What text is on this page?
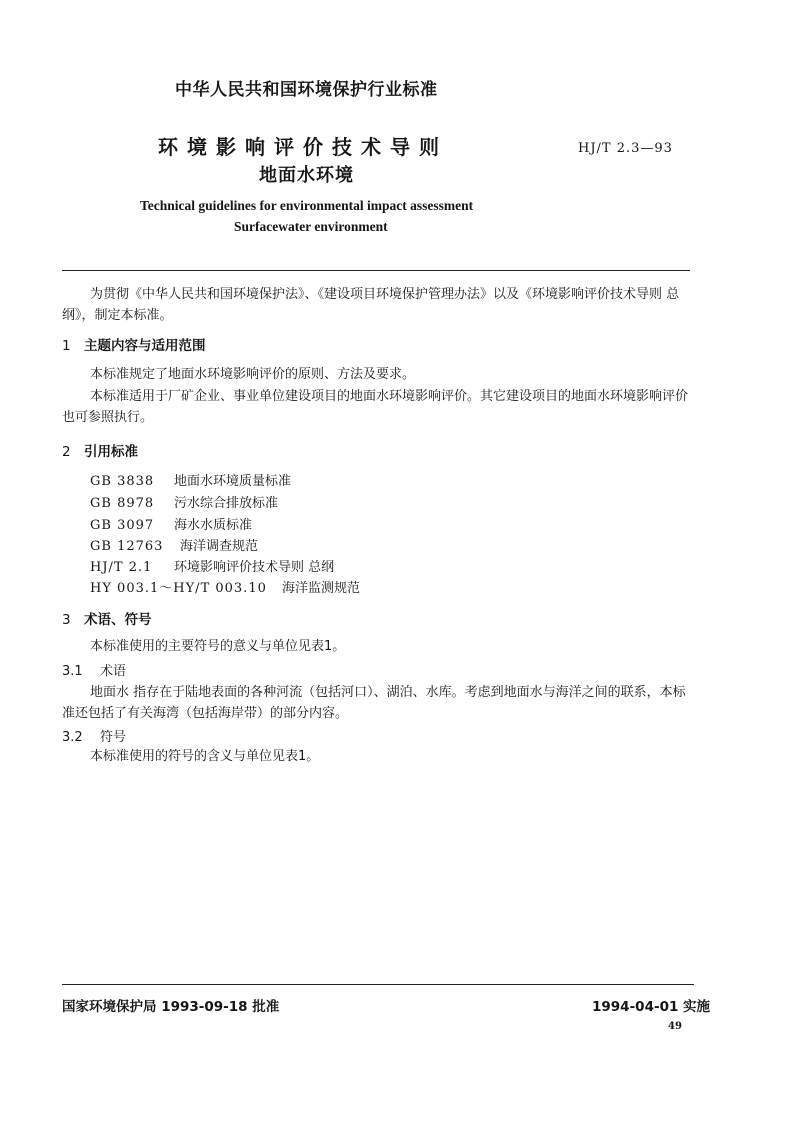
中华人民共和国环境保护行业标准
环境影响评价技术导则
地面水环境
HJ/T 2.3—93
Technical guidelines for environmental impact assessment
Surfacewater environment
为贯彻《中华人民共和国环境保护法》、《建设项目环境保护管理办法》以及《环境影响评价技术导则 总纲》，制定本标准。
1 主题内容与适用范围
本标准规定了地面水环境影响评价的原则、方法及要求。
本标准适用于厂矿企业、事业单位建设项目的地面水环境影响评价。其它建设项目的地面水环境影响评价也可参照执行。
2 引用标准
GB 3838 地面水环境质量标准
GB 8978 污水综合排放标准
GB 3097 海水水质标准
GB 12763 海洋调查规范
HJ/T 2.1 环境影响评价技术导则 总纲
HY 003.1～HY/T 003.10 海洋监测规范
3 术语、符号
本标准使用的主要符号的意义与单位见表1。
3.1 术语
地面水 指存在于陆地表面的各种河流（包括河口）、湖泊、水库。考虑到地面水与海洋之间的联系，本标准还包括了有关海湾（包括海岸带）的部分内容。
3.2 符号
本标准使用的符号的含义与单位见表1。
国家环境保护局 1993-09-18 批准	1994-04-01 实施
49
